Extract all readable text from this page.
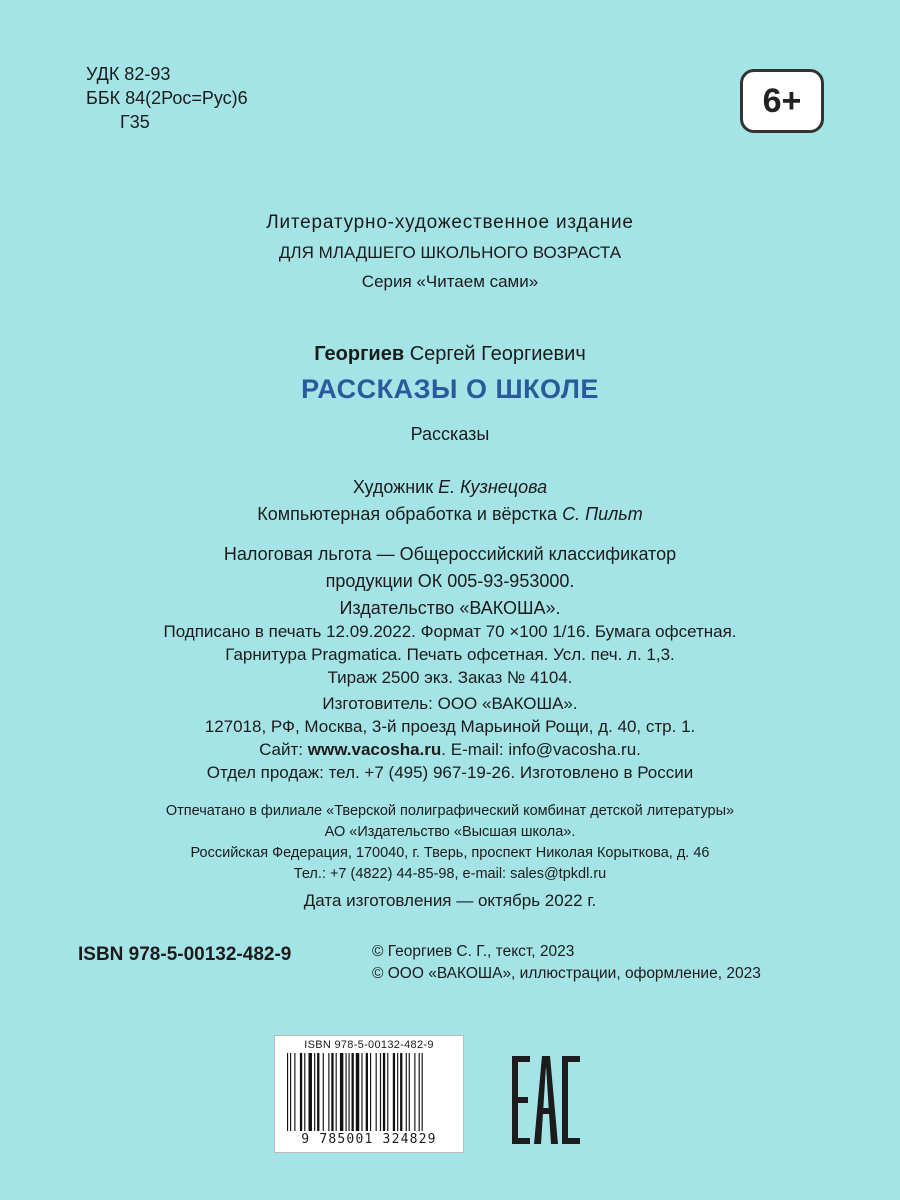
УДК 82-93
ББК 84(2Рос=Рус)6
Г35
6+
Литературно-художественное издание
ДЛЯ МЛАДШЕГО ШКОЛЬНОГО ВОЗРАСТА
Серия «Читаем сами»
Георгиев Сергей Георгиевич
РАССКАЗЫ О ШКОЛЕ
Рассказы
Художник Е. Кузнецова
Компьютерная обработка и вёрстка С. Пильт
Налоговая льгота — Общероссийский классификатор
продукции ОК 005-93-953000.
Издательство «ВАКОША».
Подписано в печать 12.09.2022. Формат 70 ×100 1/16. Бумага офсетная.
Гарнитура Pragmatica. Печать офсетная. Усл. печ. л. 1,3.
Тираж 2500 экз. Заказ № 4104.
Изготовитель: ООО «ВАКОША».
127018, РФ, Москва, 3-й проезд Марьиной Рощи, д. 40, стр. 1.
Сайт: www.vacosha.ru. E-mail: info@vacosha.ru.
Отдел продаж: тел. +7 (495) 967-19-26. Изготовлено в России
Отпечатано в филиале «Тверской полиграфический комбинат детской литературы»
АО «Издательство «Высшая школа».
Российская Федерация, 170040, г. Тверь, проспект Николая Корыткова, д. 46
Тел.: +7 (4822) 44-85-98, e-mail: sales@tpkdl.ru
Дата изготовления — октябрь 2022 г.
ISBN 978-5-00132-482-9	© Георгиев С. Г., текст, 2023
© ООО «ВАКОША», иллюстрации, оформление, 2023
ISBN 978-5-00132-482-9
9 785001 324829
